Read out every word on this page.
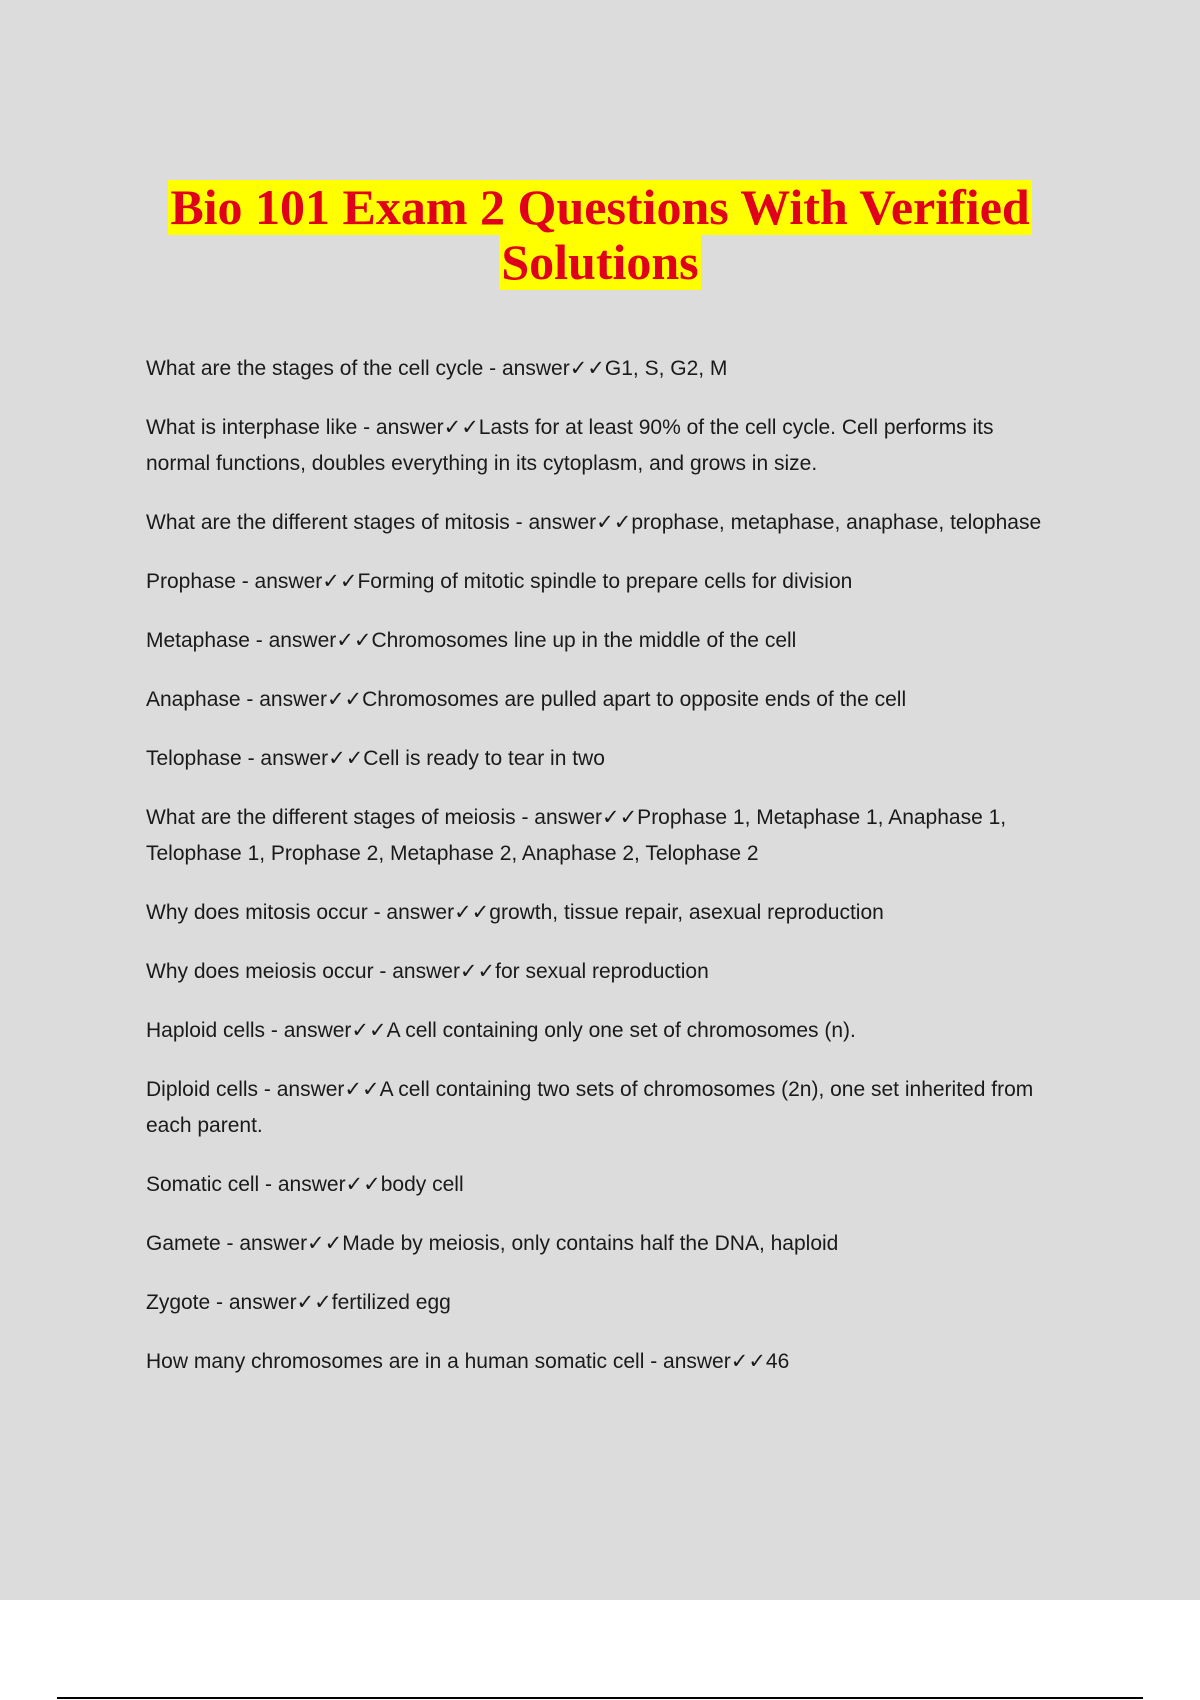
Bio 101 Exam 2 Questions With Verified
Solutions

What are the stages of the cell cycle - answer✓✓G1, S, G2, M

What is interphase like - answer✓✓Lasts for at least 90% of the cell cycle. Cell performs its normal functions, doubles everything in its cytoplasm, and grows in size.

What are the different stages of mitosis - answer✓✓prophase, metaphase, anaphase, telophase

Prophase - answer✓✓Forming of mitotic spindle to prepare cells for division

Metaphase - answer✓✓Chromosomes line up in the middle of the cell

Anaphase - answer✓✓Chromosomes are pulled apart to opposite ends of the cell

Telophase - answer✓✓Cell is ready to tear in two

What are the different stages of meiosis - answer✓✓Prophase 1, Metaphase 1, Anaphase 1, Telophase 1, Prophase 2, Metaphase 2, Anaphase 2, Telophase 2

Why does mitosis occur - answer✓✓growth, tissue repair, asexual reproduction

Why does meiosis occur - answer✓✓for sexual reproduction

Haploid cells - answer✓✓A cell containing only one set of chromosomes (n).

Diploid cells - answer✓✓A cell containing two sets of chromosomes (2n), one set inherited from each parent.

Somatic cell - answer✓✓body cell

Gamete - answer✓✓Made by meiosis, only contains half the DNA, haploid

Zygote - answer✓✓fertilized egg

How many chromosomes are in a human somatic cell - answer✓✓46
